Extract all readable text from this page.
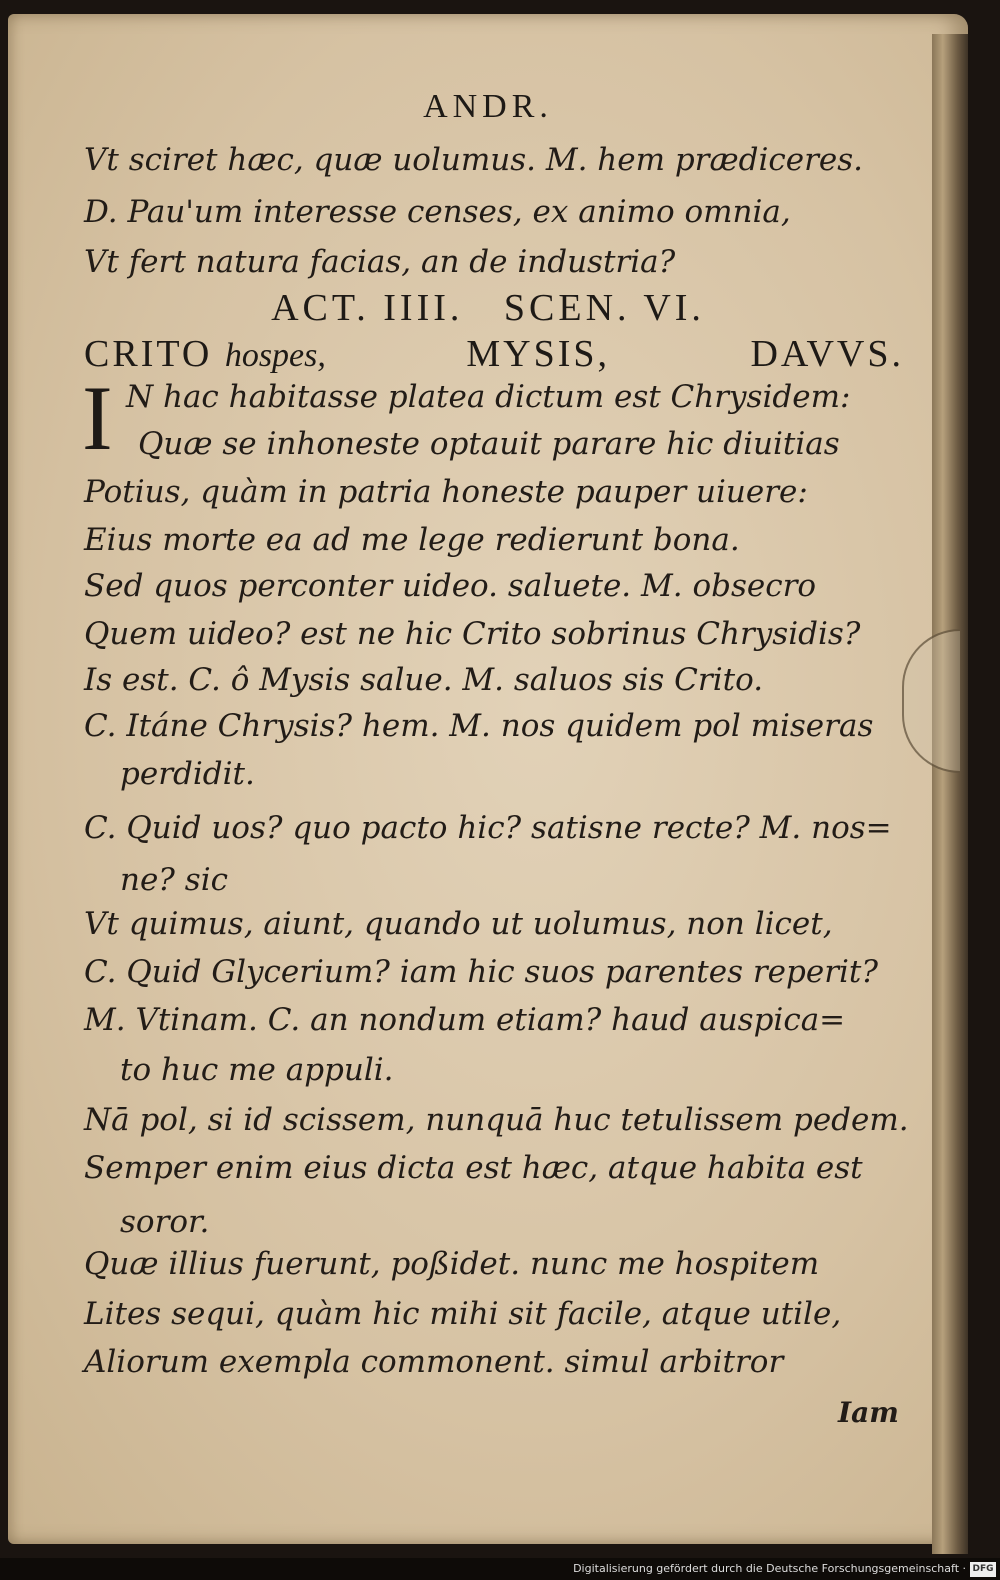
ANDR.
Vt sciret hæc, quæ uolumus. M. hem prædiceres.
D. Pau'um interesse censes, ex animo omnia,
Vt fert natura facias, an de industria?
ACT. IIII.   SCEN. VI.
CRITO hospes,	MYSIS,	DAVVS.
I N hac habitasse platea dictum est Chrysidem:
Quæ se inhoneste optauit parare hic diuitias
Potius, quàm in patria honeste pauper uiuere:
Eius morte ea ad me lege redierunt bona.
Sed quos perconter uideo. saluete. M. obsecro
Quem uideo? est ne hic Crito sobrinus Chrysidis?
Is est. C. ô Mysis salue. M. saluos sis Crito.
C. Itáne Chrysis? hem. M. nos quidem pol miseras
perdidit.
C. Quid uos? quo pacto hic? satisne recte? M. nos=
ne? sic
Vt quimus, aiunt, quando ut uolumus, non licet,
C. Quid Glycerium? iam hic suos parentes reperit?
M. Vtinam. C. an nondum etiam? haud auspica=
to huc me appuli.
Nā pol, si id scissem, nunquā huc tetulissem pedem.
Semper enim eius dicta est hæc, atque habita est
soror.
Quæ illius fuerunt, poßidet. nunc me hospitem
Lites sequi, quàm hic mihi sit facile, atque utile,
Aliorum exempla commonent. simul arbitror
Iam
Digitalisierung gefördert durch die Deutsche Forschungsgemeinschaft · DFG
